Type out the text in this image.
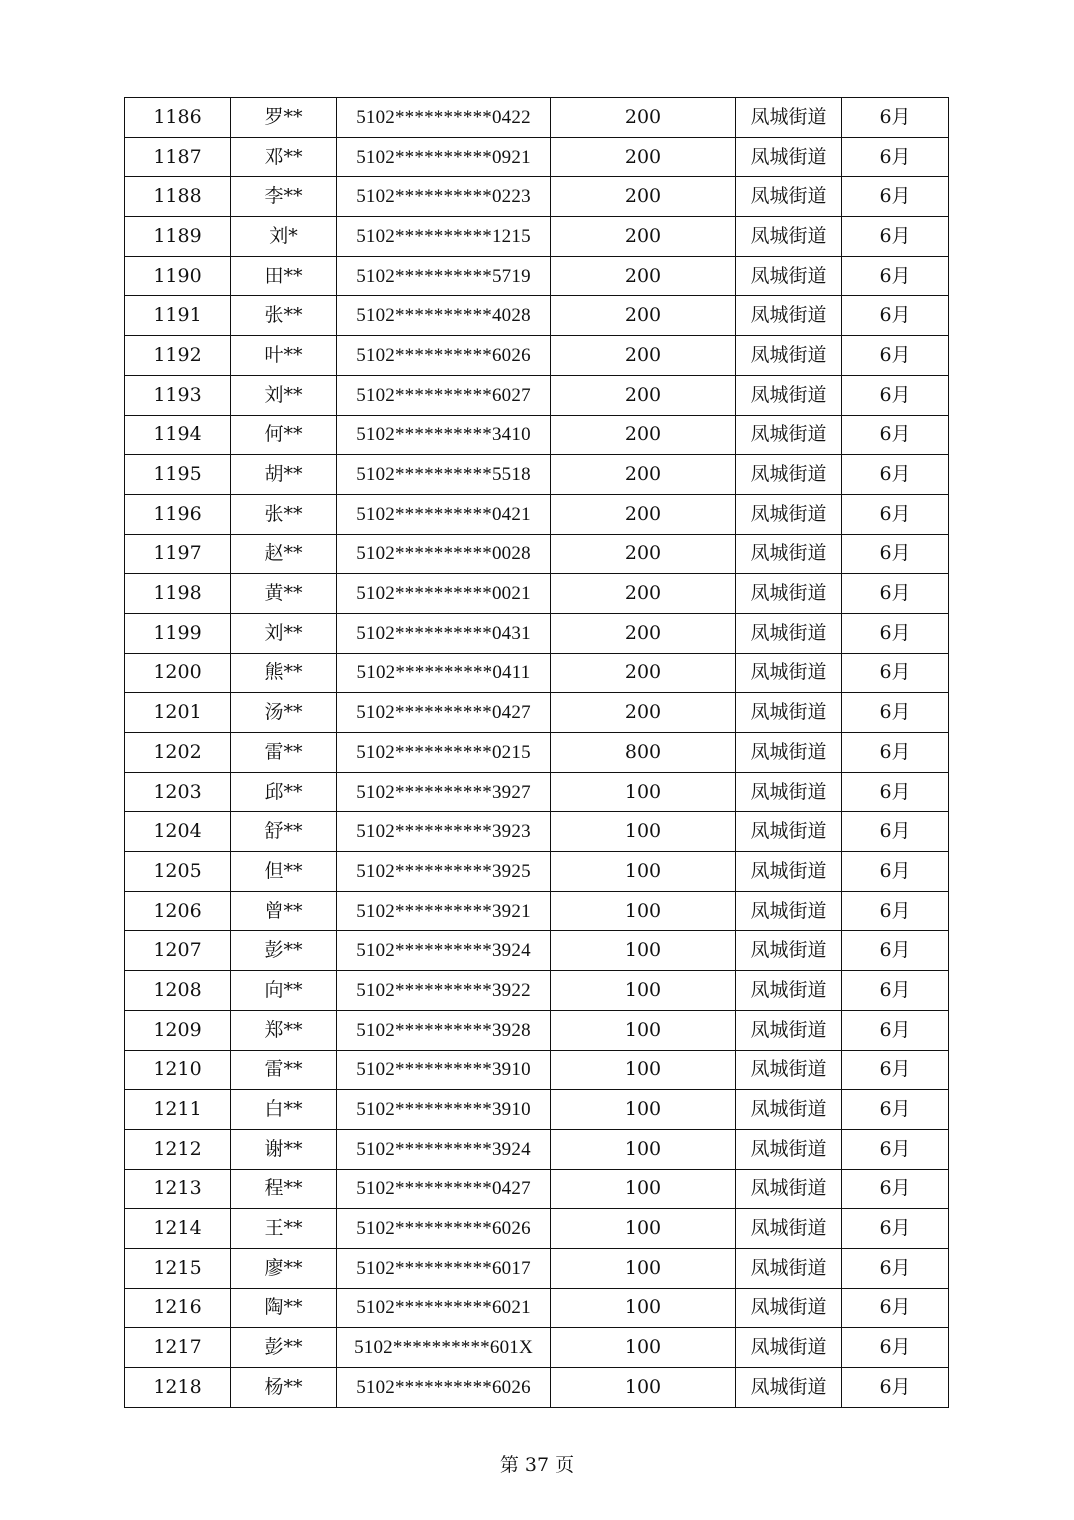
1186	罗**	5102**********0422	200	凤城街道	6月
1187	邓**	5102**********0921	200	凤城街道	6月
1188	李**	5102**********0223	200	凤城街道	6月
1189	刘*	5102**********1215	200	凤城街道	6月
1190	田**	5102**********5719	200	凤城街道	6月
1191	张**	5102**********4028	200	凤城街道	6月
1192	叶**	5102**********6026	200	凤城街道	6月
1193	刘**	5102**********6027	200	凤城街道	6月
1194	何**	5102**********3410	200	凤城街道	6月
1195	胡**	5102**********5518	200	凤城街道	6月
1196	张**	5102**********0421	200	凤城街道	6月
1197	赵**	5102**********0028	200	凤城街道	6月
1198	黄**	5102**********0021	200	凤城街道	6月
1199	刘**	5102**********0431	200	凤城街道	6月
1200	熊**	5102**********0411	200	凤城街道	6月
1201	汤**	5102**********0427	200	凤城街道	6月
1202	雷**	5102**********0215	800	凤城街道	6月
1203	邱**	5102**********3927	100	凤城街道	6月
1204	舒**	5102**********3923	100	凤城街道	6月
1205	但**	5102**********3925	100	凤城街道	6月
1206	曾**	5102**********3921	100	凤城街道	6月
1207	彭**	5102**********3924	100	凤城街道	6月
1208	向**	5102**********3922	100	凤城街道	6月
1209	郑**	5102**********3928	100	凤城街道	6月
1210	雷**	5102**********3910	100	凤城街道	6月
1211	白**	5102**********3910	100	凤城街道	6月
1212	谢**	5102**********3924	100	凤城街道	6月
1213	程**	5102**********0427	100	凤城街道	6月
1214	王**	5102**********6026	100	凤城街道	6月
1215	廖**	5102**********6017	100	凤城街道	6月
1216	陶**	5102**********6021	100	凤城街道	6月
1217	彭**	5102**********601X	100	凤城街道	6月
1218	杨**	5102**********6026	100	凤城街道	6月
第 37 页
